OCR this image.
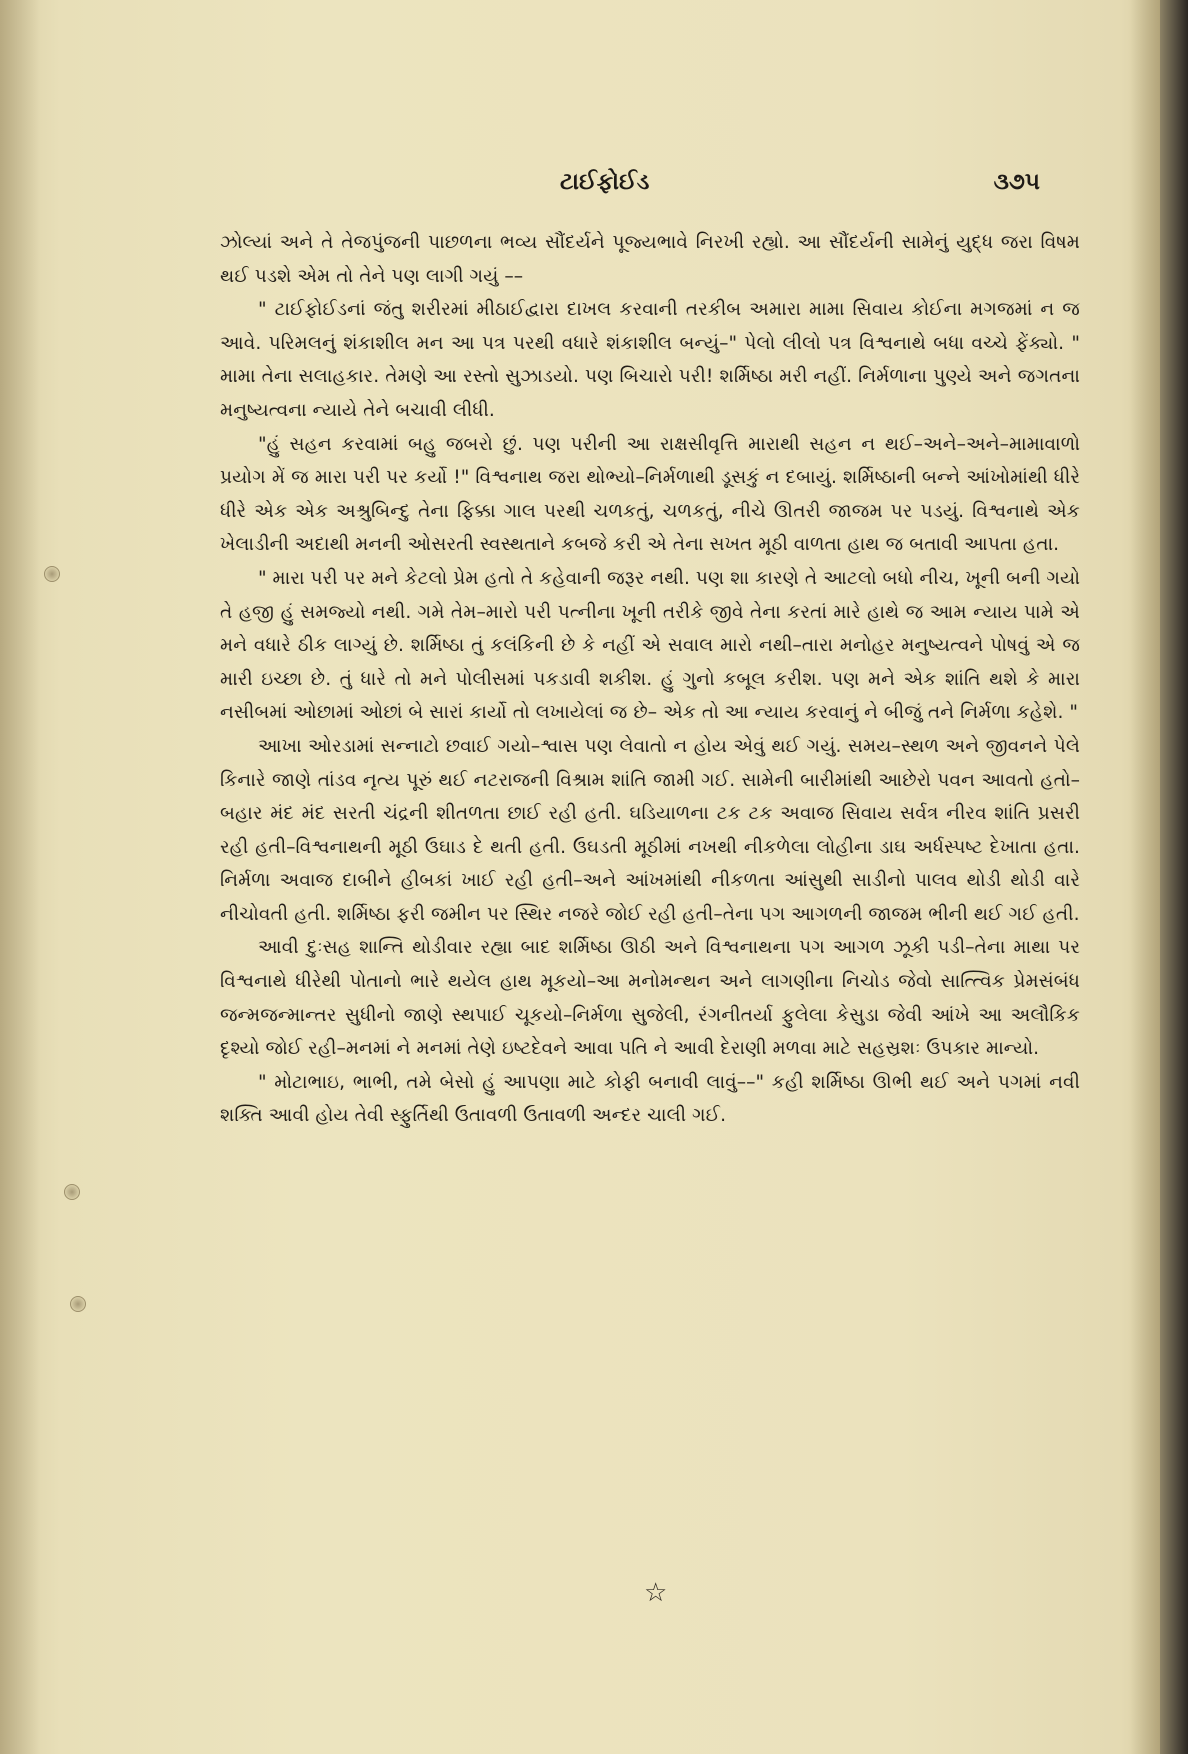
ટાઈફોઈડ	૩૭૫

ઝોલ્યાં અને તે તેજપુંજની પાછળના ભવ્ય સૌંદર્યને પૂજ્યભાવે નિરખી રહ્યો. આ સૌંદર્યની સામેનું યુદ્ધ જરા વિષમ થઈ પડશે એમ તો તેને પણ લાગી ગયું ––

" ટાઈફોઈડનાં જંતુ શરીરમાં મીઠાઈદ્વારા દાખલ કરવાની તરકીબ અમારા મામા સિવાય કોઈના મગજમાં ન જ આવે. પરિમલનું શંકાશીલ મન આ પત્ર પરથી વધારે શંકાશીલ બન્યું–" પેલો લીલો પત્ર વિશ્વનાથે બધા વચ્ચે ફેંક્યો. " મામા તેના સલાહકાર. તેમણે આ રસ્તો સુઝાડયો. પણ બિચારો પરી! શર્મિષ્ઠા મરી નહીં. નિર્મળાના પુણ્યે અને જગતના મનુષ્યત્વના ન્યાયે તેને બચાવી લીધી.

"હું સહન કરવામાં બહુ જબરો છું. પણ પરીની આ રાક્ષસીવૃત્તિ મારાથી સહન ન થઈ–અને–અને–મામાવાળો પ્રયોગ મેં જ મારા પરી પર કર્યો !" વિશ્વનાથ જરા થોભ્યો–નિર્મળાથી ડૂસકું ન દબાયું. શર્મિષ્ઠાની બન્ને આંખોમાંથી ધીરે ધીરે એક એક અશ્રુબિન્દુ તેના ફિક્કા ગાલ પરથી ચળકતું, ચળકતું, નીચે ઊતરી જાજમ પર પડયું. વિશ્વનાથે એક ખેલાડીની અદાથી મનની ઓસરતી સ્વસ્થતાને કબજે કરી એ તેના સખત મૂઠી વાળતા હાથ જ બતાવી આપતા હતા.

" મારા પરી પર મને કેટલો પ્રેમ હતો તે કહેવાની જરૂર નથી. પણ શા કારણે તે આટલો બધો નીચ, ખૂની બની ગયો તે હજી હું સમજ્યો નથી. ગમે તેમ–મારો પરી પત્નીના ખૂની તરીકે જીવે તેના કરતાં મારે હાથે જ આમ ન્યાય પામે એ મને વધારે ઠીક લાગ્યું છે. શર્મિષ્ઠા તું કલંકિની છે કે નહીં એ સવાલ મારો નથી–તારા મનોહર મનુષ્યત્વને પોષવું એ જ મારી ઇચ્છા છે. તું ધારે તો મને પોલીસમાં પકડાવી શકીશ. હું ગુનો કબૂલ કરીશ. પણ મને એક શાંતિ થશે કે મારા નસીબમાં ઓછામાં ઓછાં બે સારાં કાર્યો તો લખાયેલાં જ છે– એક તો આ ન્યાય કરવાનું ને બીજું તને નિર્મળા કહેશે. "

આખા ઓરડામાં સન્નાટો છવાઈ ગયો–શ્વાસ પણ લેવાતો ન હોય એવું થઈ ગયું. સમય–સ્થળ અને જીવનને પેલે કિનારે જાણે તાંડવ નૃત્ય પૂરું થઈ નટરાજની વિશ્રામ શાંતિ જામી ગઈ. સામેની બારીમાંથી આછેરો પવન આવતો હતો–બહાર મંદ મંદ સરતી ચંદ્રની શીતળતા છાઈ રહી હતી. ઘડિયાળના ટક ટક અવાજ સિવાય સર્વત્ર નીરવ શાંતિ પ્રસરી રહી હતી–વિશ્વનાથની મૂઠી ઉઘાડ દે થતી હતી. ઉઘડતી મૂઠીમાં નખથી નીકળેલા લોહીના ડાઘ અર્ધસ્પષ્ટ દેખાતા હતા. નિર્મળા અવાજ દાબીને હીબકાં ખાઈ રહી હતી–અને આંખમાંથી નીકળતા આંસુથી સાડીનો પાલવ થોડી થોડી વારે નીચોવતી હતી. શર્મિષ્ઠા ફરી જમીન પર સ્થિર નજરે જોઈ રહી હતી–તેના પગ આગળની જાજમ ભીની થઈ ગઈ હતી.

આવી દુઃસહ શાન્તિ થોડીવાર રહ્યા બાદ શર્મિષ્ઠા ઊઠી અને વિશ્વનાથના પગ આગળ ઝૂકી પડી–તેના માથા પર વિશ્વનાથે ધીરેથી પોતાનો ભારે થયેલ હાથ મૂકયો–આ મનોમન્થન અને લાગણીના નિચોડ જેવો સાત્ત્વિક પ્રેમસંબંધ જન્મજન્માન્તર સુધીનો જાણે સ્થપાઈ ચૂકયો–નિર્મળા સુજેલી, રંગનીતર્યા ફુલેલા કેસુડા જેવી આંખે આ અલૌકિક દૃશ્યો જોઈ રહી–મનમાં ને મનમાં તેણે ઇષ્ટદેવને આવા પતિ ને આવી દેરાણી મળવા માટે સહસ્રશઃ ઉપકાર માન્યો.

" મોટાભાઇ, ભાભી, તમે બેસો હું આપણા માટે કોફી બનાવી લાવું––" કહી શર્મિષ્ઠા ઊભી થઈ અને પગમાં નવી શક્તિ આવી હોય તેવી સ્ફુર્તિથી ઉતાવળી ઉતાવળી અન્દર ચાલી ગઈ.

☆
